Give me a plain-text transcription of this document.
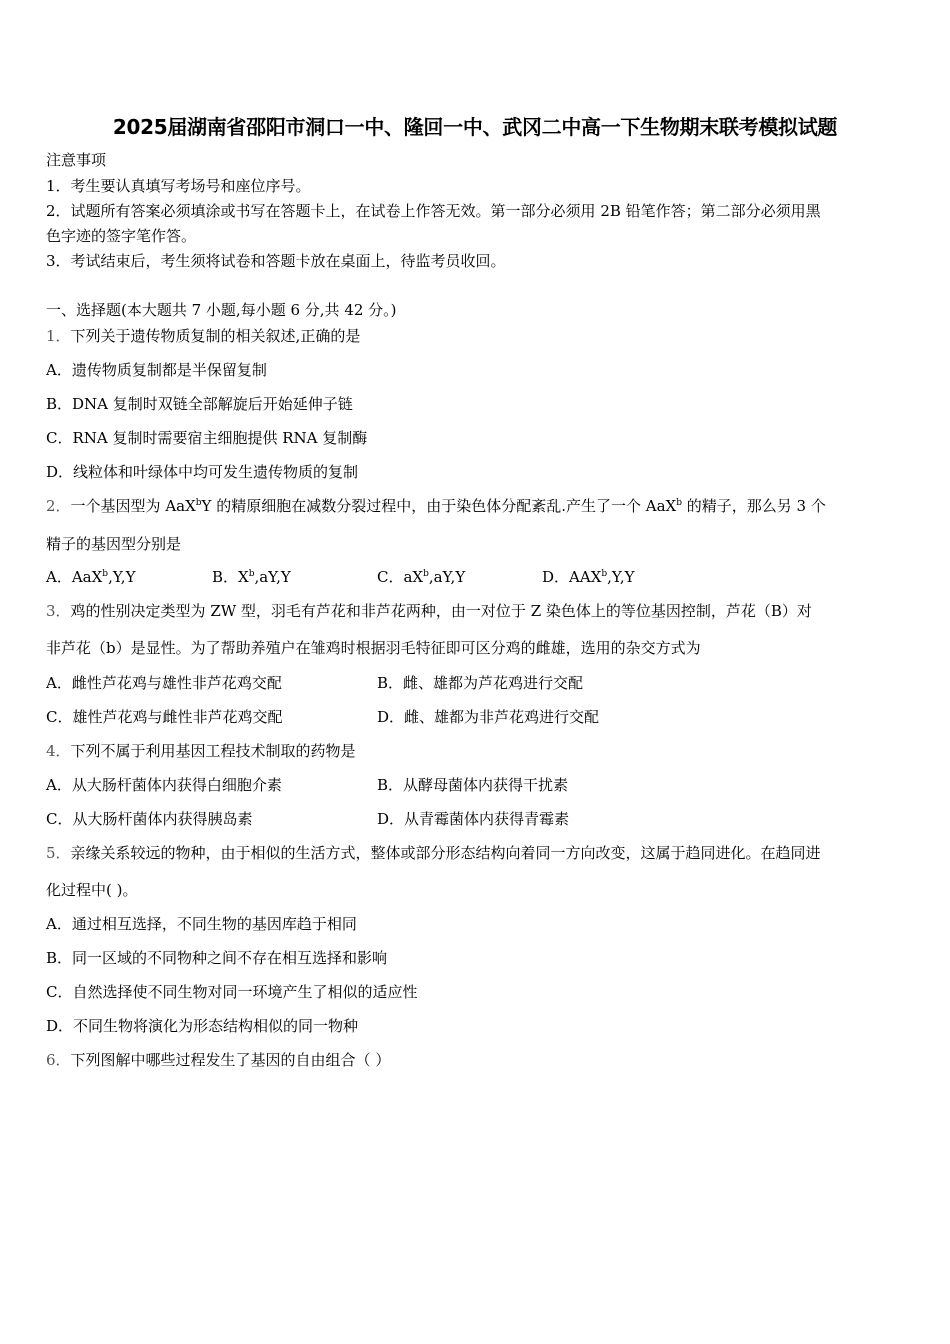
2025届湖南省邵阳市洞口一中、隆回一中、武冈二中高一下生物期末联考模拟试题
注意事项
1．考生要认真填写考场号和座位序号。
2．试题所有答案必须填涂或书写在答题卡上，在试卷上作答无效。第一部分必须用 2B 铅笔作答；第二部分必须用黑
色字迹的签字笔作答。
3．考试结束后，考生须将试卷和答题卡放在桌面上，待监考员收回。
一、选择题(本大题共 7 小题,每小题 6 分,共 42 分。)
1．下列关于遗传物质复制的相关叙述,正确的是
A．遗传物质复制都是半保留复制
B．DNA 复制时双链全部解旋后开始延伸子链
C．RNA 复制时需要宿主细胞提供 RNA 复制酶
D．线粒体和叶绿体中均可发生遗传物质的复制
2．一个基因型为 AaX$^b$Y 的精原细胞在减数分裂过程中，由于染色体分配紊乱.产生了一个 AaX$^b$ 的精子，那么另 3 个
精子的基因型分别是
A．AaX$^b$,Y,Y	B．$X^b,aY,Y$	C．$aX^b,aY,Y$	D．AAX$^b$,Y,Y
3．鸡的性别决定类型为 ZW 型，羽毛有芦花和非芦花两种，由一对位于 Z 染色体上的等位基因控制，芦花（B）对
非芦花（b）是显性。为了帮助养殖户在雏鸡时根据羽毛特征即可区分鸡的雌雄，选用的杂交方式为
A．雌性芦花鸡与雄性非芦花鸡交配	B．雌、雄都为芦花鸡进行交配
C．雄性芦花鸡与雌性非芦花鸡交配	D．雌、雄都为非芦花鸡进行交配
4．下列不属于利用基因工程技术制取的药物是
A．从大肠杆菌体内获得白细胞介素	B．从酵母菌体内获得干扰素
C．从大肠杆菌体内获得胰岛素	D．从青霉菌体内获得青霉素
5．亲缘关系较远的物种，由于相似的生活方式，整体或部分形态结构向着同一方向改变，这属于趋同进化。在趋同进
化过程中( )。
A．通过相互选择，不同生物的基因库趋于相同
B．同一区域的不同物种之间不存在相互选择和影响
C．自然选择使不同生物对同一环境产生了相似的适应性
D．不同生物将演化为形态结构相似的同一物种
6．下列图解中哪些过程发生了基因的自由组合（ ）
